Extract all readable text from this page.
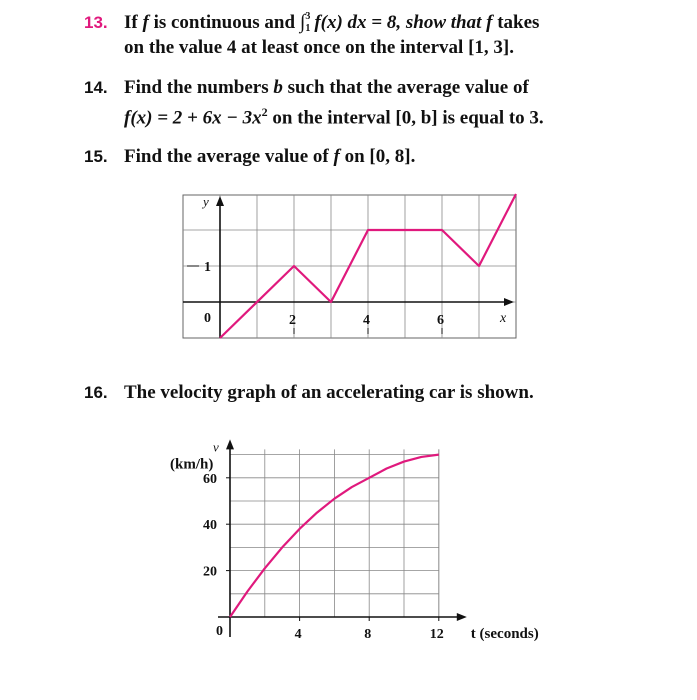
13. If f is continuous and ∫ 3
1 f(x) dx = 8, show that f takes
on the value 4 at least once on the interval [1, 3].
14. Find the numbers b such that the average value of
$f(x) = 2 + 6x - 3x^2$ on the interval [0, b] is equal to 3.
15. Find the average value of f on [0, 8].
0	2	4	6
1
x
y
0	4	8	12
20
40
60
v
(km/h)
t (seconds)
16. The velocity graph of an accelerating car is shown.
